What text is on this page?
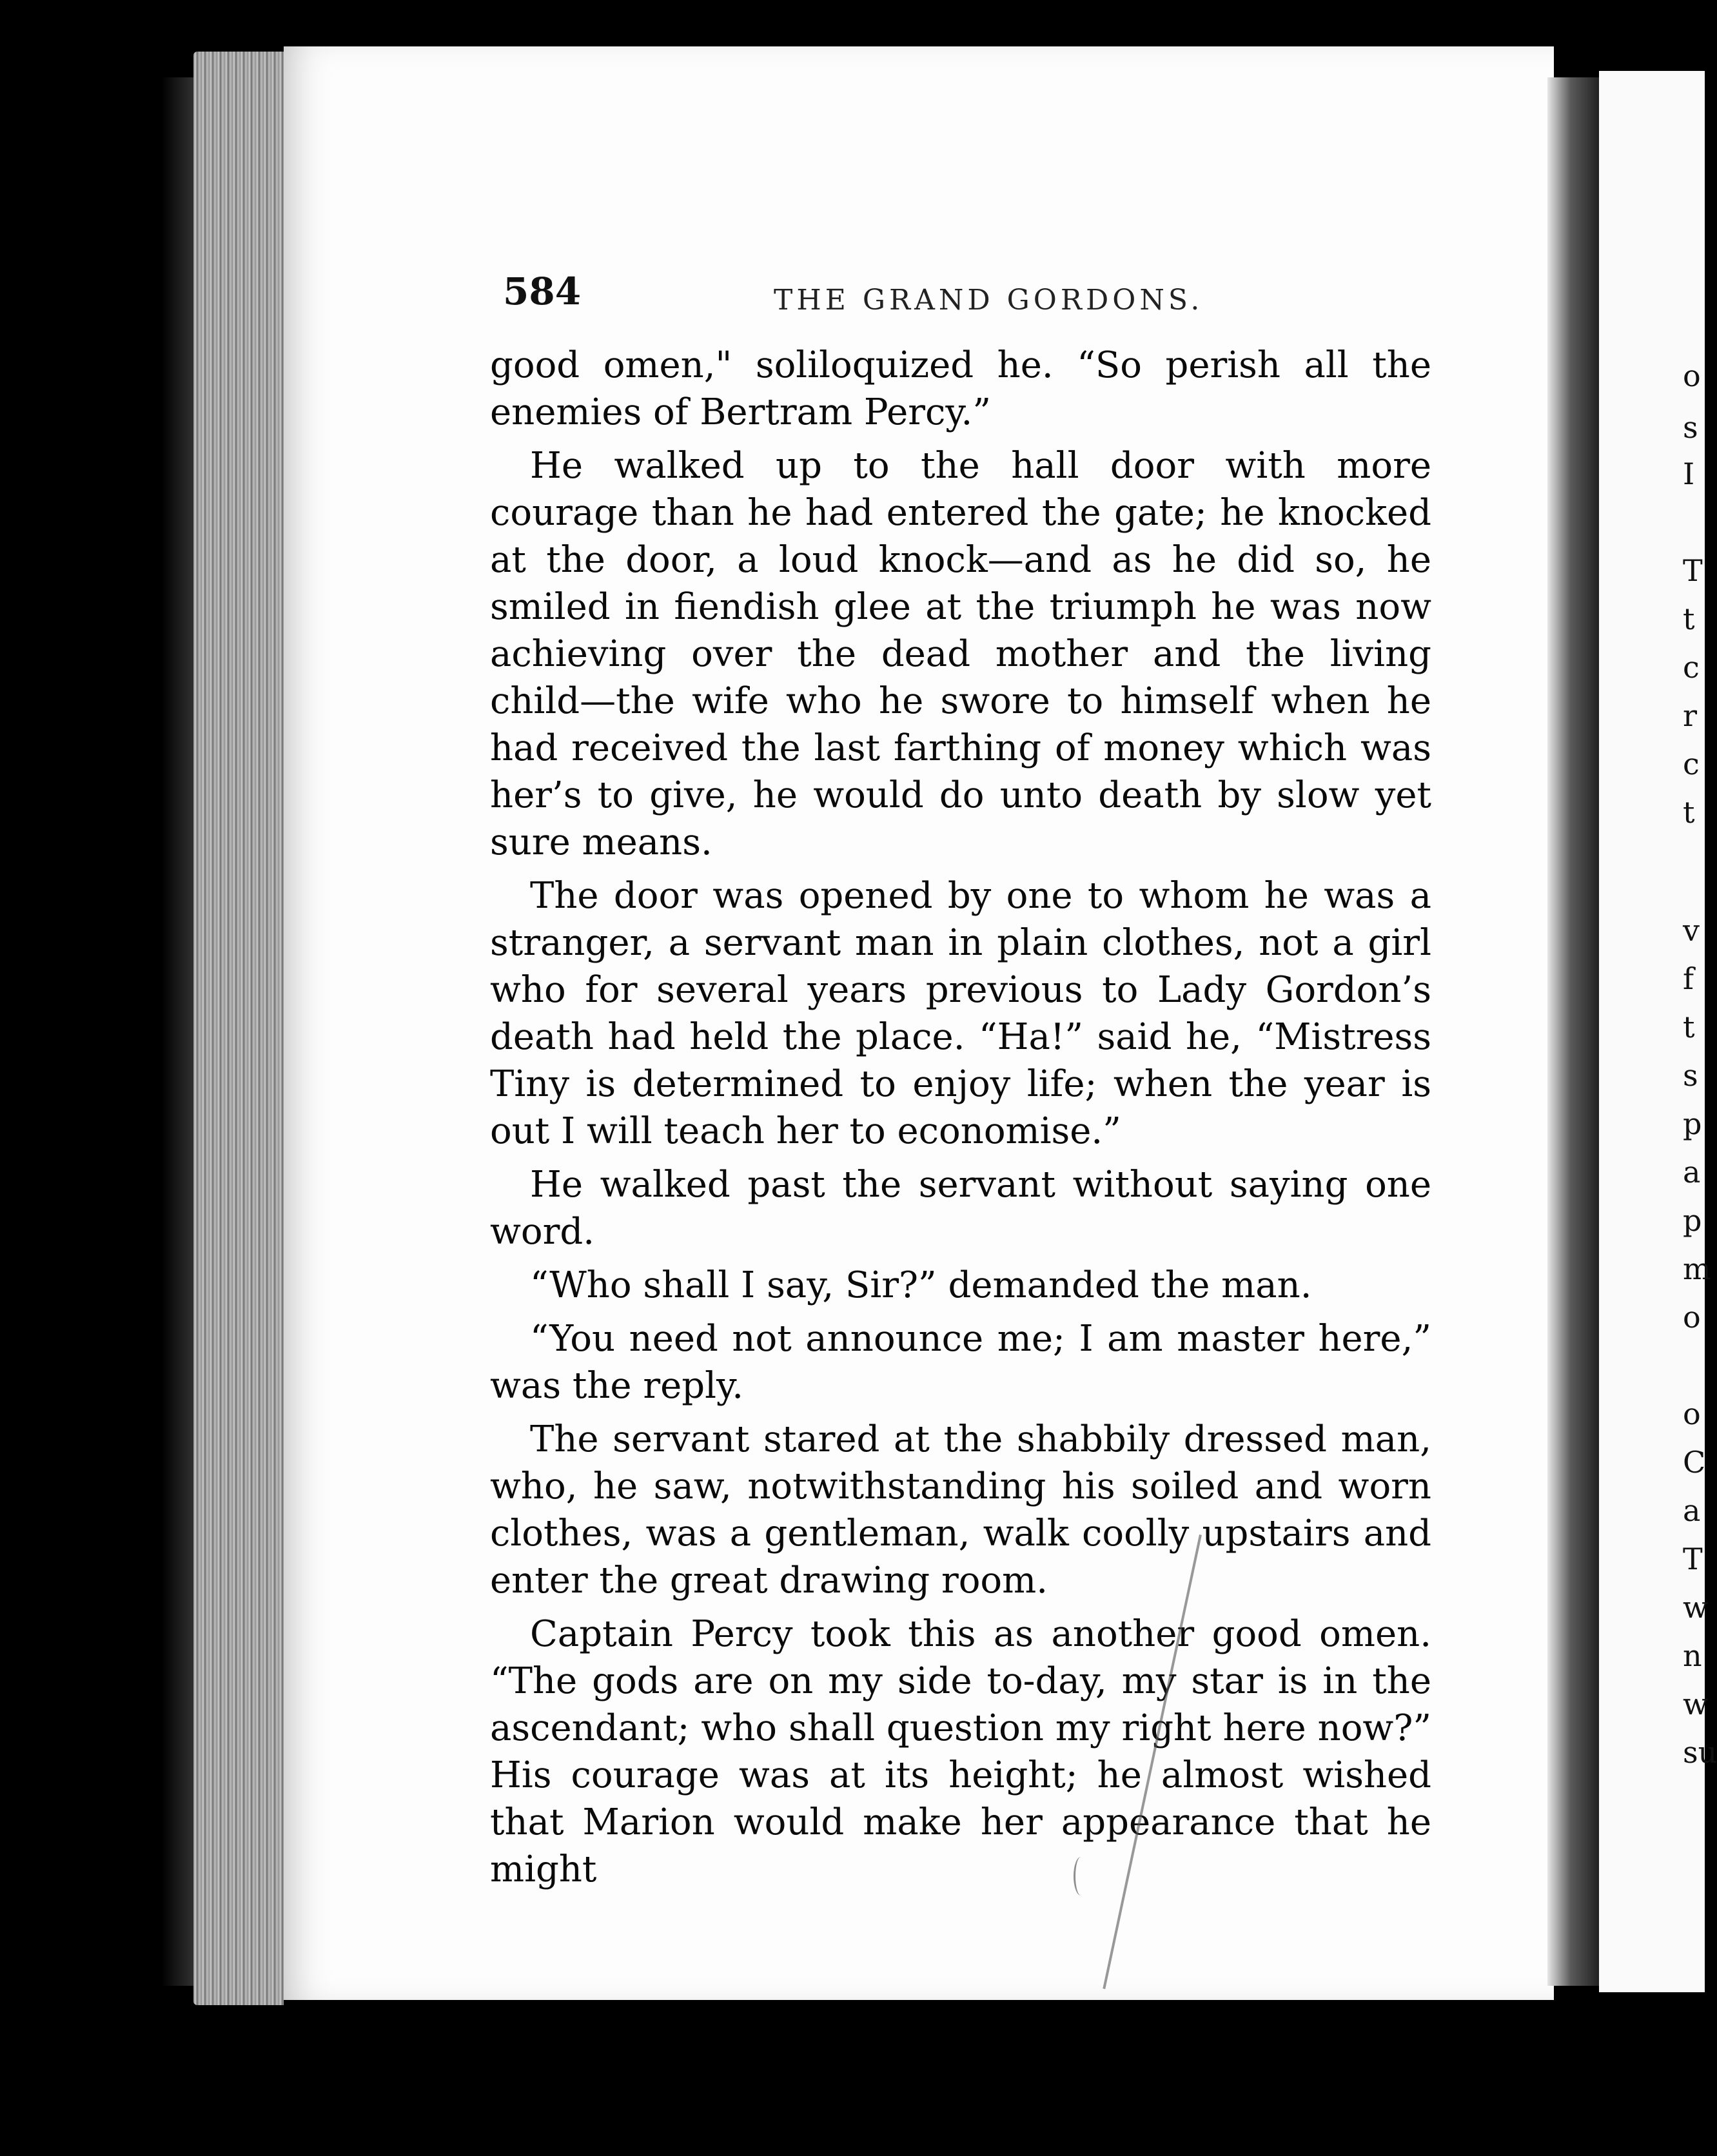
o
s
I
T
t
c
r
c
t
v
f
t
s
p
a
p
m
o
o
C
a
T
w
n
w
su
584	THE GRAND GORDONS.

good omen," soliloquized he. “So perish all the enemies of Bertram Percy.”

He walked up to the hall door with more courage than he had entered the gate; he knocked at the door, a loud knock—and as he did so, he smiled in fiendish glee at the triumph he was now achieving over the dead mother and the living child—the wife who he swore to himself when he had received the last farthing of money which was her’s to give, he would do unto death by slow yet sure means.

The door was opened by one to whom he was a stranger, a servant man in plain clothes, not a girl who for several years previous to Lady Gordon’s death had held the place. “Ha!” said he, “Mistress Tiny is determined to enjoy life; when the year is out I will teach her to economise.”

He walked past the servant without saying one word.

“Who shall I say, Sir?” demanded the man.

“You need not announce me; I am master here,” was the reply.

The servant stared at the shabbily dressed man, who, he saw, notwithstanding his soiled and worn clothes, was a gentleman, walk coolly upstairs and enter the great drawing room.

Captain Percy took this as another good omen. “The gods are on my side to-day, my star is in the ascendant; who shall question my right here now?” His courage was at its height; he almost wished that Marion would make her appearance that he might
